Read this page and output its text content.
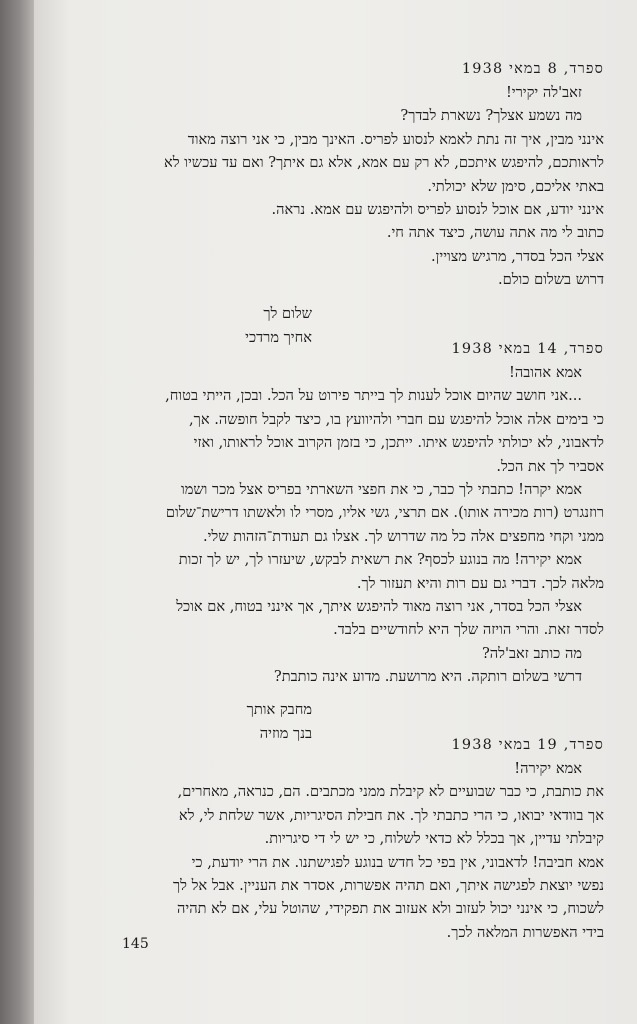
ספרד, 8 במאי 1938
זאב'לה יקירי!
מה נשמע אצלך? נשארת לבדך?
אינני מבין, איך זה נתת לאמא לנסוע לפריס. האינך מבין, כי אני רוצה מאוד
לראותכם, להיפגש איתכם, לא רק עם אמא, אלא גם איתך? ואם עד עכשיו לא
באתי אליכם, סימן שלא יכולתי.
אינני יודע, אם אוכל לנסוע לפריס ולהיפגש עם אמא. נראה.
כתוב לי מה אתה עושה, כיצד אתה חי.
אצלי הכל בסדר, מרגיש מצויין.
דרוש בשלום כולם.
שלום לך
אחיך מרדכי
ספרד, 14 במאי 1938
אמא אהובה!
...אני חושב שהיום אוכל לענות לך בייתר פירוט על הכל. ובכן, הייתי בטוח,
כי בימים אלה אוכל להיפגש עם חברי ולהיוועץ בו, כיצד לקבל חופשה. אך,
לדאבוני, לא יכולתי להיפגש איתו. ייתכן, כי בזמן הקרוב אוכל לראותו, ואזי
אסביר לך את הכל.
אמא יקרה! כתבתי לך כבר, כי את חפצי השארתי בפריס אצל מכר ושמו
רוזנגרט (רות מכירה אותו). אם תרצי, גשי אליו, מסרי לו ולאשתו דרישת־שלום
ממני וקחי מחפצים אלה כל מה שדרוש לך. אצלו גם תעודת־הזהות שלי.
אמא יקירה! מה בנוגע לכסף? את רשאית לבקש, שיעזרו לך, יש לך זכות
מלאה לכך. דברי גם עם רות והיא תעזור לך.
אצלי הכל בסדר, אני רוצה מאוד להיפגש איתך, אך אינני בטוח, אם אוכל
לסדר זאת. והרי הויזה שלך היא לחודשיים בלבד.
מה כותב זאב'לה?
דרשי בשלום רותקה. היא מרושעת. מדוע אינה כותבת?
מחבק אותך
בנך מוזיה
ספרד, 19 במאי 1938
אמא יקירה!
את כותבת, כי כבר שבועיים לא קיבלת ממני מכתבים. הם, כנראה, מאחרים,
אך בוודאי יבואו, כי הרי כתבתי לך. את חבילת הסיגריות, אשר שלחת לי, לא
קיבלתי עדיין, אך בכלל לא כדאי לשלוח, כי יש לי די סיגריות.
אמא חביבה! לדאבוני, אין בפי כל חדש בנוגע לפגישתנו. את הרי יודעת, כי
נפשי יוצאת לפגישה איתך, ואם תהיה אפשרות, אסדר את העניין. אבל אל לך
לשכוח, כי אינני יכול לעזוב ולא אעזוב את תפקידי, שהוטל עלי, אם לא תהיה
בידי האפשרות המלאה לכך.
145
